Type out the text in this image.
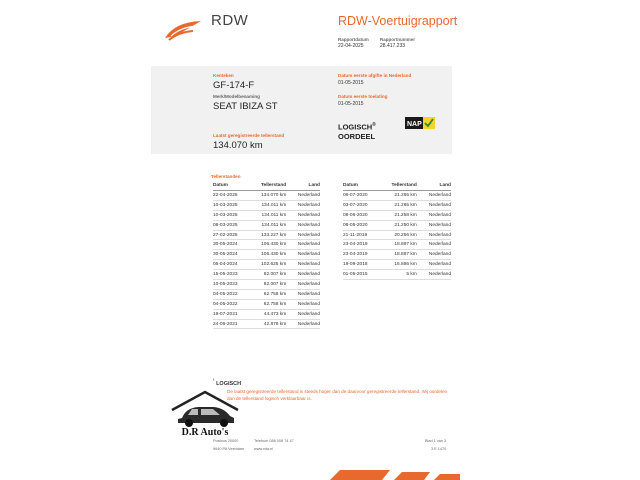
RDW	RDW-Voertuigrapport
Rapportdatum
22-04-2025
Rapportnummer
28.417.233
Kenteken
GF-174-F
Merk/Modelbenaming
SEAT IBIZA ST
Laatst geregistreerde tellerstand
134.070 km
Datum eerste afgifte in Nederland
01-05-2015
Datum eerste toelating
01-05-2015
LOGISCH®
OORDEEL
NAP
Tellerstanden
Datum	Tellerstand	Land
22-04-2025	134.070 km	Nederland
10-03-2025	134.011 km	Nederland
10-03-2025	134.011 km	Nederland
08-03-2025	134.011 km	Nederland
27-02-2025	133.227 km	Nederland
30-05-2024	106.430 km	Nederland
30-05-2024	106.430 km	Nederland
05-04-2024	102.625 km	Nederland
15-05-2023	82.007 km	Nederland
10-05-2023	82.007 km	Nederland
04-05-2022	62.758 km	Nederland
04-05-2022	62.758 km	Nederland
19-07-2021	44.473 km	Nederland
24-06-2021	42.876 km	Nederland
Datum	Tellerstand	Land
06-07-2020	21.265 km	Nederland
03-07-2020	21.265 km	Nederland
08-06-2020	21.258 km	Nederland
06-05-2020	21.250 km	Nederland
21-11-2019	20.256 km	Nederland
23-04-2019	18.897 km	Nederland
23-04-2019	18.897 km	Nederland
19-09-2018	16.886 km	Nederland
01-05-2015	5 km	Nederland
$^{^1}$ LOGISCH
De laatst geregistreerde tellerstand is steeds hoger dan de daarvoor geregistreerde tellerstand. Wij oordelen dan de tellerstand logisch verklaarbaar is.
D.R Auto's
Postbus 20000
9640 PA Veendam
Telefoon 088 008 74 47
www.rdw.nl
Blad 1 van 3
3 E 1470
